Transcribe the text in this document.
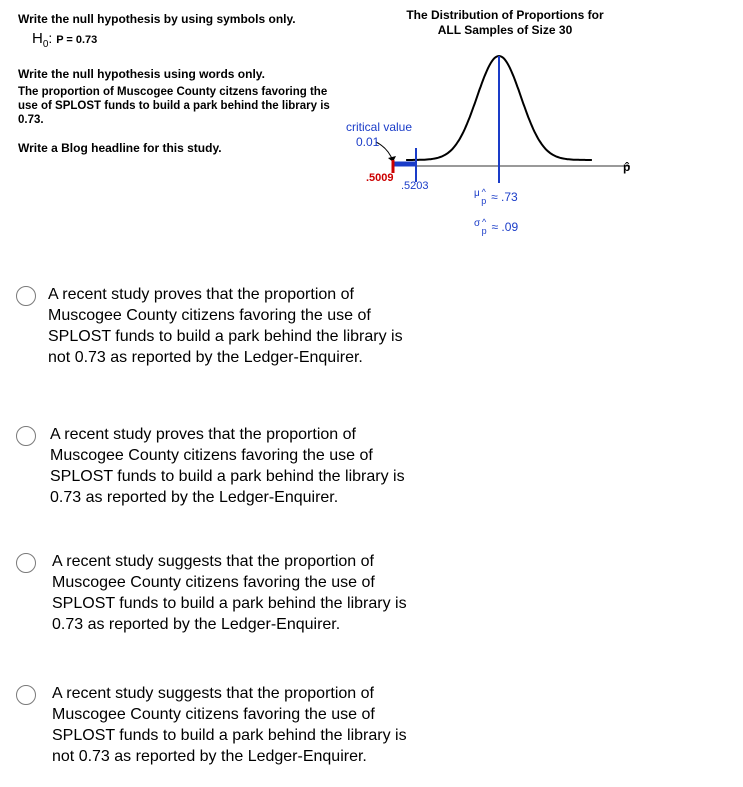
Write the null hypothesis by using symbols only.
$H_0$: P = 0.73
Write the null hypothesis using words only.
The proportion of Muscogee County citzens favoring the use of SPLOST funds to build a park behind the library is 0.73.
Write a Blog headline for this study.
The Distribution of Proportions for
ALL Samples of Size 30
critical value
0.01
.5009
.5203
p̂
$^\mu$ ^
p ≈ .73
$^\sigma$ ^
p ≈ .09
A recent study proves that the proportion of Muscogee County citizens favoring the use of SPLOST funds to build a park behind the library is not 0.73 as reported by the Ledger-Enquirer.
A recent study proves that the proportion of Muscogee County citizens favoring the use of SPLOST funds to build a park behind the library is 0.73 as reported by the Ledger-Enquirer.
A recent study suggests that the proportion of Muscogee County citizens favoring the use of SPLOST funds to build a park behind the library is 0.73 as reported by the Ledger-Enquirer.
A recent study suggests that the proportion of Muscogee County citizens favoring the use of SPLOST funds to build a park behind the library is not 0.73 as reported by the Ledger-Enquirer.
